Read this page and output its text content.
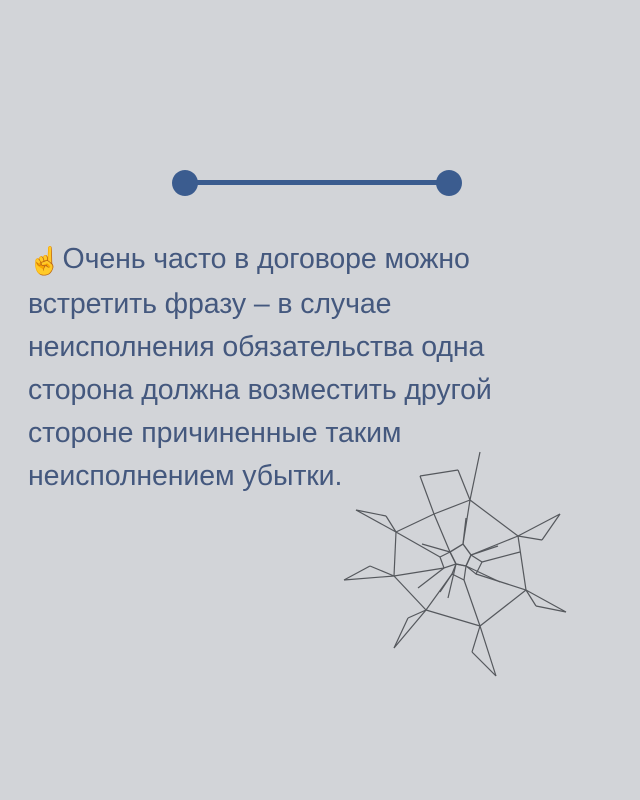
☝Очень часто в договоре можно встретить фразу – в случае неисполнения обязательства одна сторона должна возместить другой стороне причиненные таким неисполнением убытки.
